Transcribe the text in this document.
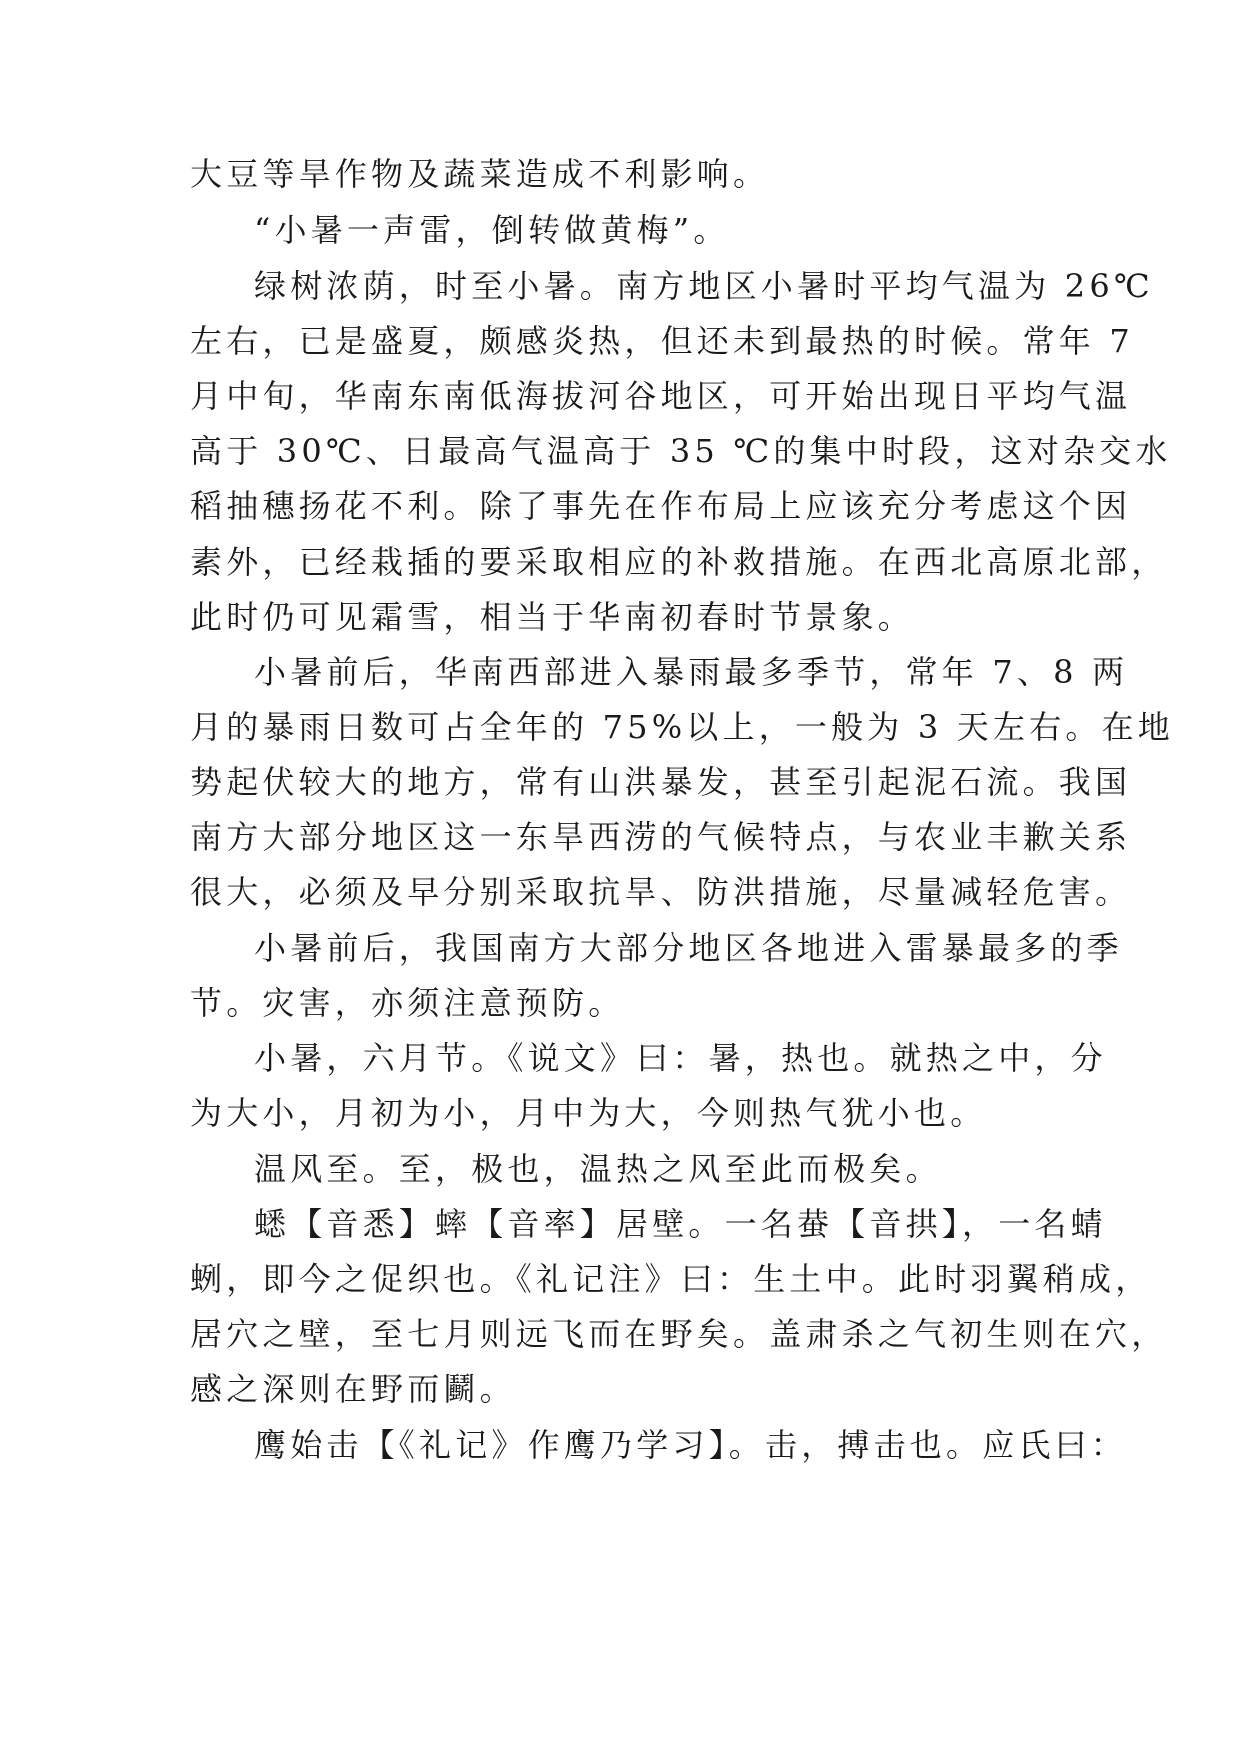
大豆等旱作物及蔬菜造成不利影响。
“小暑一声雷，倒转做黄梅”。
绿树浓荫，时至小暑。南方地区小暑时平均气温为 26℃
左右，已是盛夏，颇感炎热，但还未到最热的时候。常年 7
月中旬，华南东南低海拔河谷地区，可开始出现日平均气温
高于 30℃、日最高气温高于 35 ℃的集中时段，这对杂交水
稻抽穗扬花不利。除了事先在作布局上应该充分考虑这个因
素外，已经栽插的要采取相应的补救措施。在西北高原北部，
此时仍可见霜雪，相当于华南初春时节景象。
小暑前后，华南西部进入暴雨最多季节，常年 7、8 两
月的暴雨日数可占全年的 75%以上，一般为 3 天左右。在地
势起伏较大的地方，常有山洪暴发，甚至引起泥石流。我国
南方大部分地区这一东旱西涝的气候特点，与农业丰歉关系
很大，必须及早分别采取抗旱、防洪措施，尽量减轻危害。
小暑前后，我国南方大部分地区各地进入雷暴最多的季
节。灾害，亦须注意预防。
小暑，六月节。《说文》曰：暑，热也。就热之中，分
为大小，月初为小，月中为大，今则热气犹小也。
温风至。至，极也，温热之风至此而极矣。
蟋【音悉】蟀【音率】居壁。一名蛬【音拱】，一名蜻
蛚，即今之促织也。《礼记注》曰：生土中。此时羽翼稍成，
居穴之壁，至七月则远飞而在野矣。盖肃杀之气初生则在穴，
感之深则在野而鬬。
鹰始击【《礼记》作鹰乃学习】。击，搏击也。应氏曰：
